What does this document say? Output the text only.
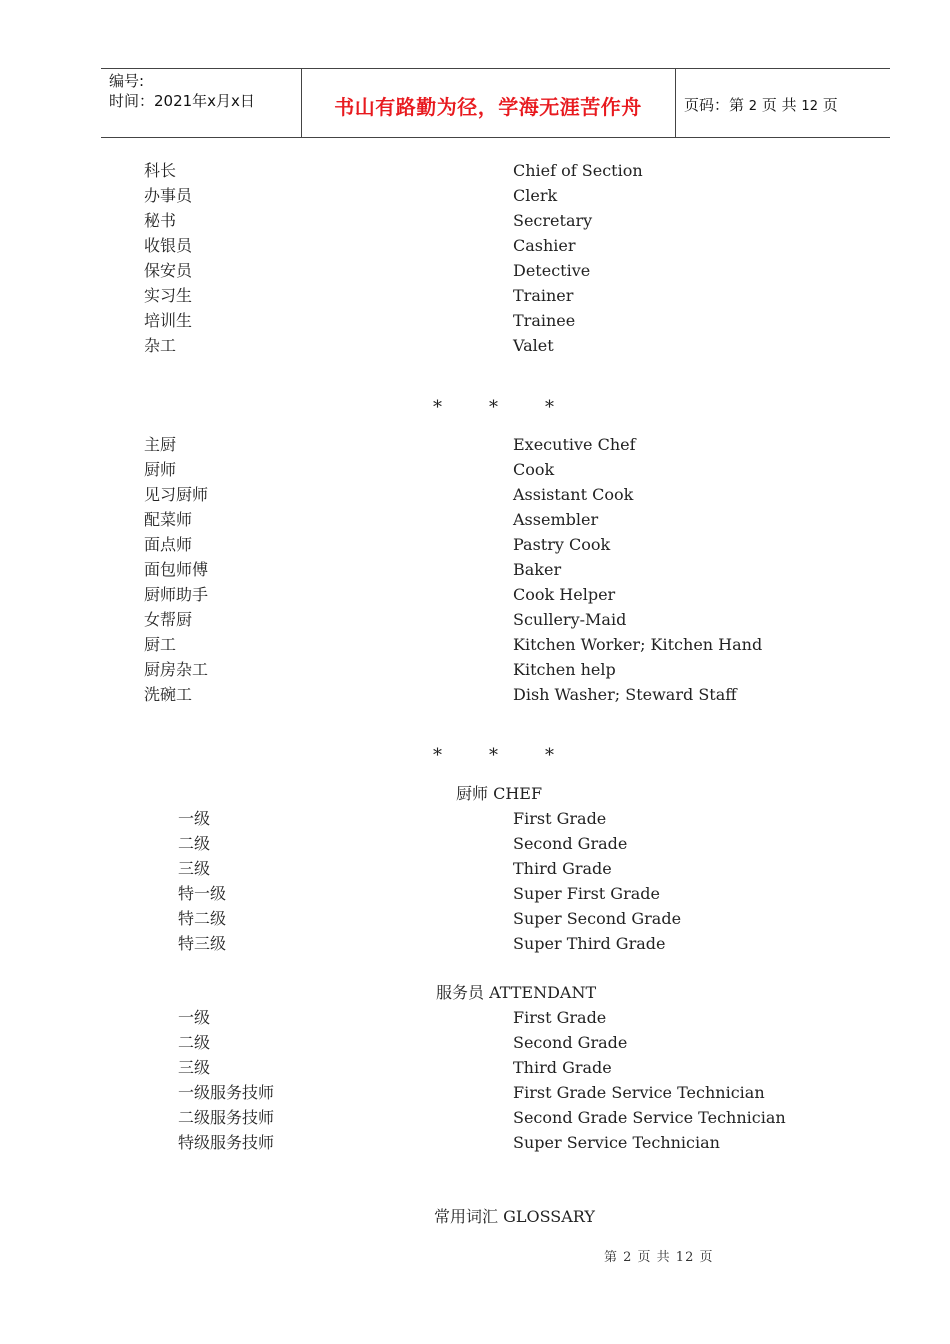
编号:
时间：2021年x月x日	书山有路勤为径，学海无涯苦作舟	页码：第 2 页 共 12 页
科长	Chief of Section
办事员	Clerk
秘书	Secretary
收银员	Cashier
保安员	Detective
实习生	Trainer
培训生	Trainee
杂工	Valet
*	*	*
主厨	Executive Chef
厨师	Cook
见习厨师	Assistant Cook
配菜师	Assembler
面点师	Pastry Cook
面包师傅	Baker
厨师助手	Cook Helper
女帮厨	Scullery-Maid
厨工	Kitchen Worker; Kitchen Hand
厨房杂工	Kitchen help
洗碗工	Dish Washer; Steward Staff
*	*	*
厨师 CHEF
一级	First Grade
二级	Second Grade
三级	Third Grade
特一级	Super First Grade
特二级	Super Second Grade
特三级	Super Third Grade
服务员 ATTENDANT
一级	First Grade
二级	Second Grade
三级	Third Grade
一级服务技师	First Grade Service Technician
二级服务技师	Second Grade Service Technician
特级服务技师	Super Service Technician
常用词汇 GLOSSARY
第 2 页 共 12 页
